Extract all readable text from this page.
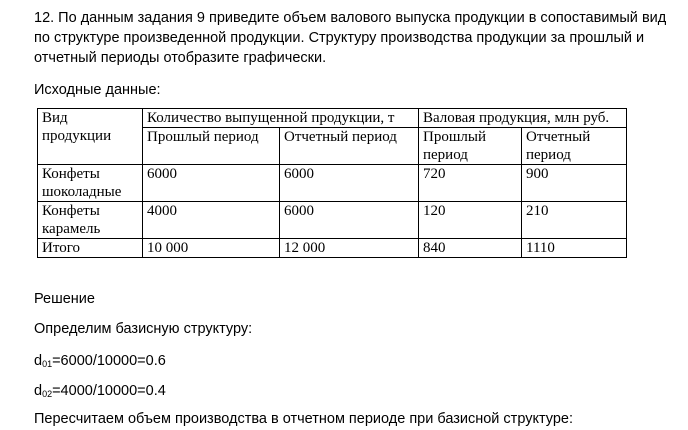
12. По данным задания 9 приведите объем валового выпуска продукции в сопоставимый вид по структуре произведенной продукции. Структуру производства продукции за прошлый и отчетный периоды отобразите графически.

Исходные данные:

Вид продукции	Количество выпущенной продукции, т		Валовая продукция, млн руб.	
	Прошлый период	Отчетный период	Прошлый период	Отчетный период
Конфеты шоколадные	6000	6000	720	900
Конфеты карамель	4000	6000	120	210
Итого	10 000	12 000	840	1110

Решение

Определим базисную структуру:

$d_{01}=6000/10000=0.6$

$d_{02}=4000/10000=0.4$

Пересчитаем объем производства в отчетном периоде при базисной структуре:
